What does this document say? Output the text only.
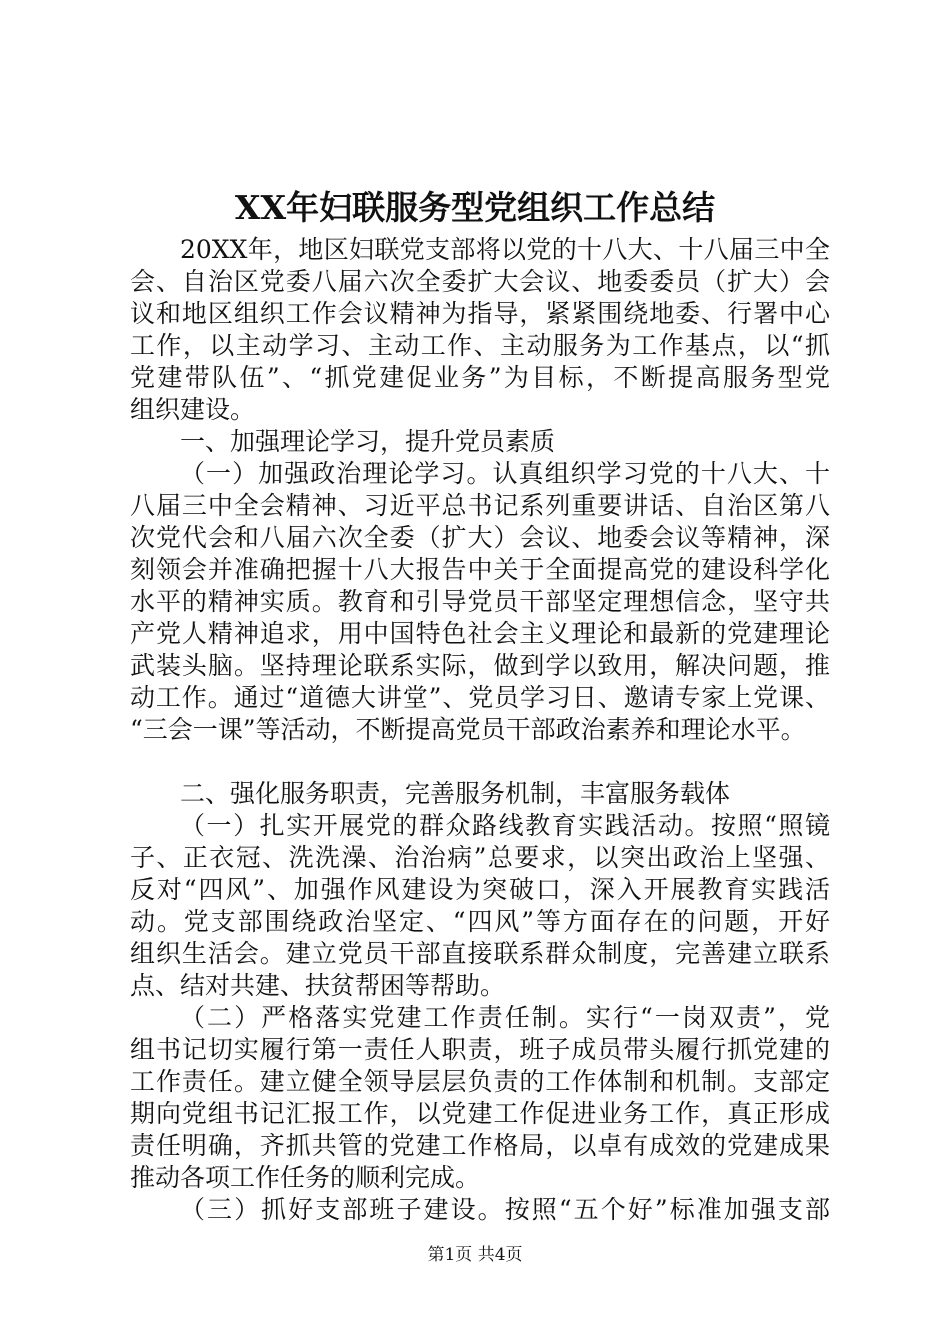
XX年妇联服务型党组织工作总结
20XX年，地区妇联党支部将以党的十八大、十八届三中全
会、自治区党委八届六次全委扩大会议、地委委员（扩大）会
议和地区组织工作会议精神为指导，紧紧围绕地委、行署中心
工作，以主动学习、主动工作、主动服务为工作基点，以“抓
党建带队伍”、“抓党建促业务”为目标，不断提高服务型党
组织建设。
一、加强理论学习，提升党员素质
（一）加强政治理论学习。认真组织学习党的十八大、十
八届三中全会精神、习近平总书记系列重要讲话、自治区第八
次党代会和八届六次全委（扩大）会议、地委会议等精神，深
刻领会并准确把握十八大报告中关于全面提高党的建设科学化
水平的精神实质。教育和引导党员干部坚定理想信念，坚守共
产党人精神追求，用中国特色社会主义理论和最新的党建理论
武装头脑。坚持理论联系实际，做到学以致用，解决问题，推
动工作。通过“道德大讲堂”、党员学习日、邀请专家上党课、
“三会一课”等活动，不断提高党员干部政治素养和理论水平。
二、强化服务职责，完善服务机制，丰富服务载体
（一）扎实开展党的群众路线教育实践活动。按照“照镜
子、正衣冠、洗洗澡、治治病”总要求，以突出政治上坚强、
反对“四风”、加强作风建设为突破口，深入开展教育实践活
动。党支部围绕政治坚定、“四风”等方面存在的问题，开好
组织生活会。建立党员干部直接联系群众制度，完善建立联系
点、结对共建、扶贫帮困等帮助。
（二）严格落实党建工作责任制。实行“一岗双责”，党
组书记切实履行第一责任人职责，班子成员带头履行抓党建的
工作责任。建立健全领导层层负责的工作体制和机制。支部定
期向党组书记汇报工作，以党建工作促进业务工作，真正形成
责任明确，齐抓共管的党建工作格局，以卓有成效的党建成果
推动各项工作任务的顺利完成。
（三）抓好支部班子建设。按照“五个好”标准加强支部
第1页 共4页
